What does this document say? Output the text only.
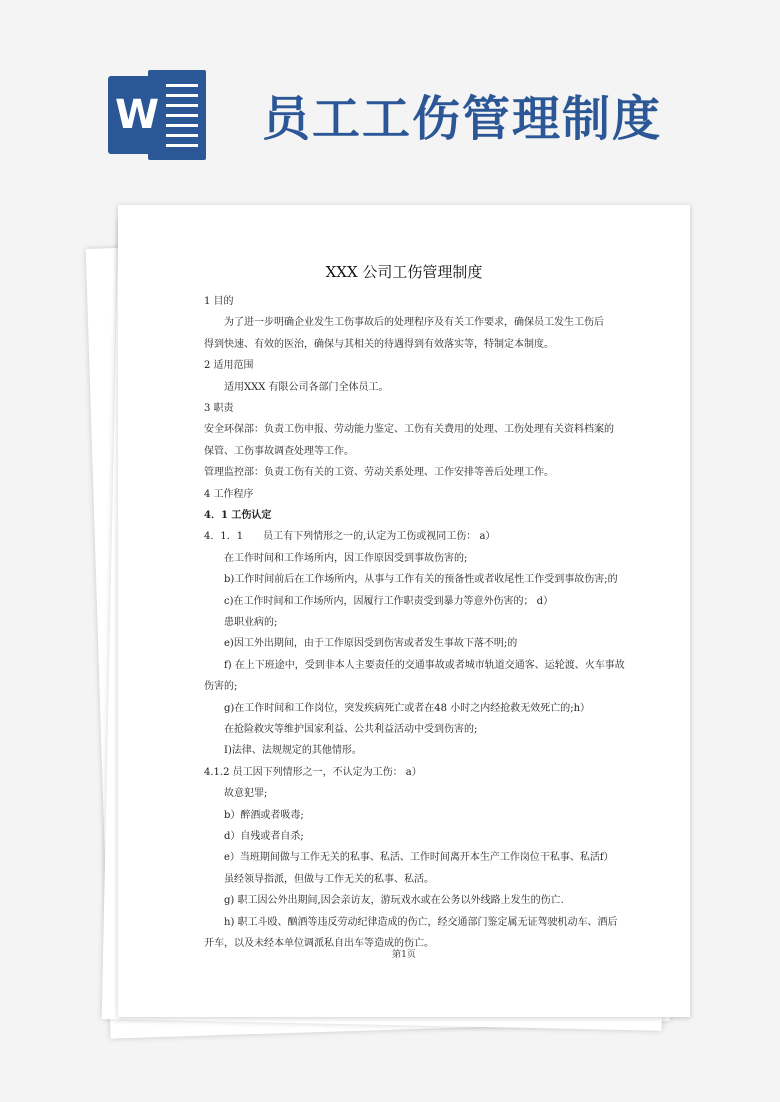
W 员工工伤管理制度
XXX 公司工伤管理制度
1 目的
为了进一步明确企业发生工伤事故后的处理程序及有关工作要求，确保员工发生工伤后
得到快速、有效的医治，确保与其相关的待遇得到有效落实等，特制定本制度。
2 适用范围
适用XXX 有限公司各部门全体员工。
3 职责
安全环保部：负责工伤申报、劳动能力鉴定、工伤有关费用的处理、工伤处理有关资料档案的
保管、工伤事故调查处理等工作。
管理监控部：负责工伤有关的工资、劳动关系处理、工作安排等善后处理工作。
4 工作程序
4．1 工伤认定
4．1．1　　员工有下列情形之一的,认定为工伤或视同工伤： a）
在工作时间和工作场所内，因工作原因受到事故伤害的;
b)工作时间前后在工作场所内，从事与工作有关的预备性或者收尾性工作受到事故伤害;的
c)在工作时间和工作场所内，因履行工作职责受到暴力等意外伤害的； d）
患职业病的;
e)因工外出期间，由于工作原因受到伤害或者发生事故下落不明;的
f) 在上下班途中，受到非本人主要责任的交通事故或者城市轨道交通客、运轮渡、火车事故
伤害的;
g)在工作时间和工作岗位，突发疾病死亡或者在48 小时之内经抢救无效死亡的;h）
在抢险救灾等维护国家利益、公共利益活动中受到伤害的;
I)法律、法规规定的其他情形。
4.1.2 员工因下列情形之一，不认定为工伤： a）
故意犯罪;
b）醉酒或者吸毒;
d）自残或者自杀;
e）当班期间做与工作无关的私事、私活、工作时间离开本生产工作岗位干私事、私活f）
虽经领导指派，但做与工作无关的私事、私活。
g) 职工因公外出期间,因会亲访友，游玩戏水或在公务以外线路上发生的伤亡.
h) 职工斗殴、酗酒等违反劳动纪律造成的伤亡，经交通部门鉴定属无证驾驶机动车、酒后
开车，以及未经本单位调派私自出车等造成的伤亡。
第1页
